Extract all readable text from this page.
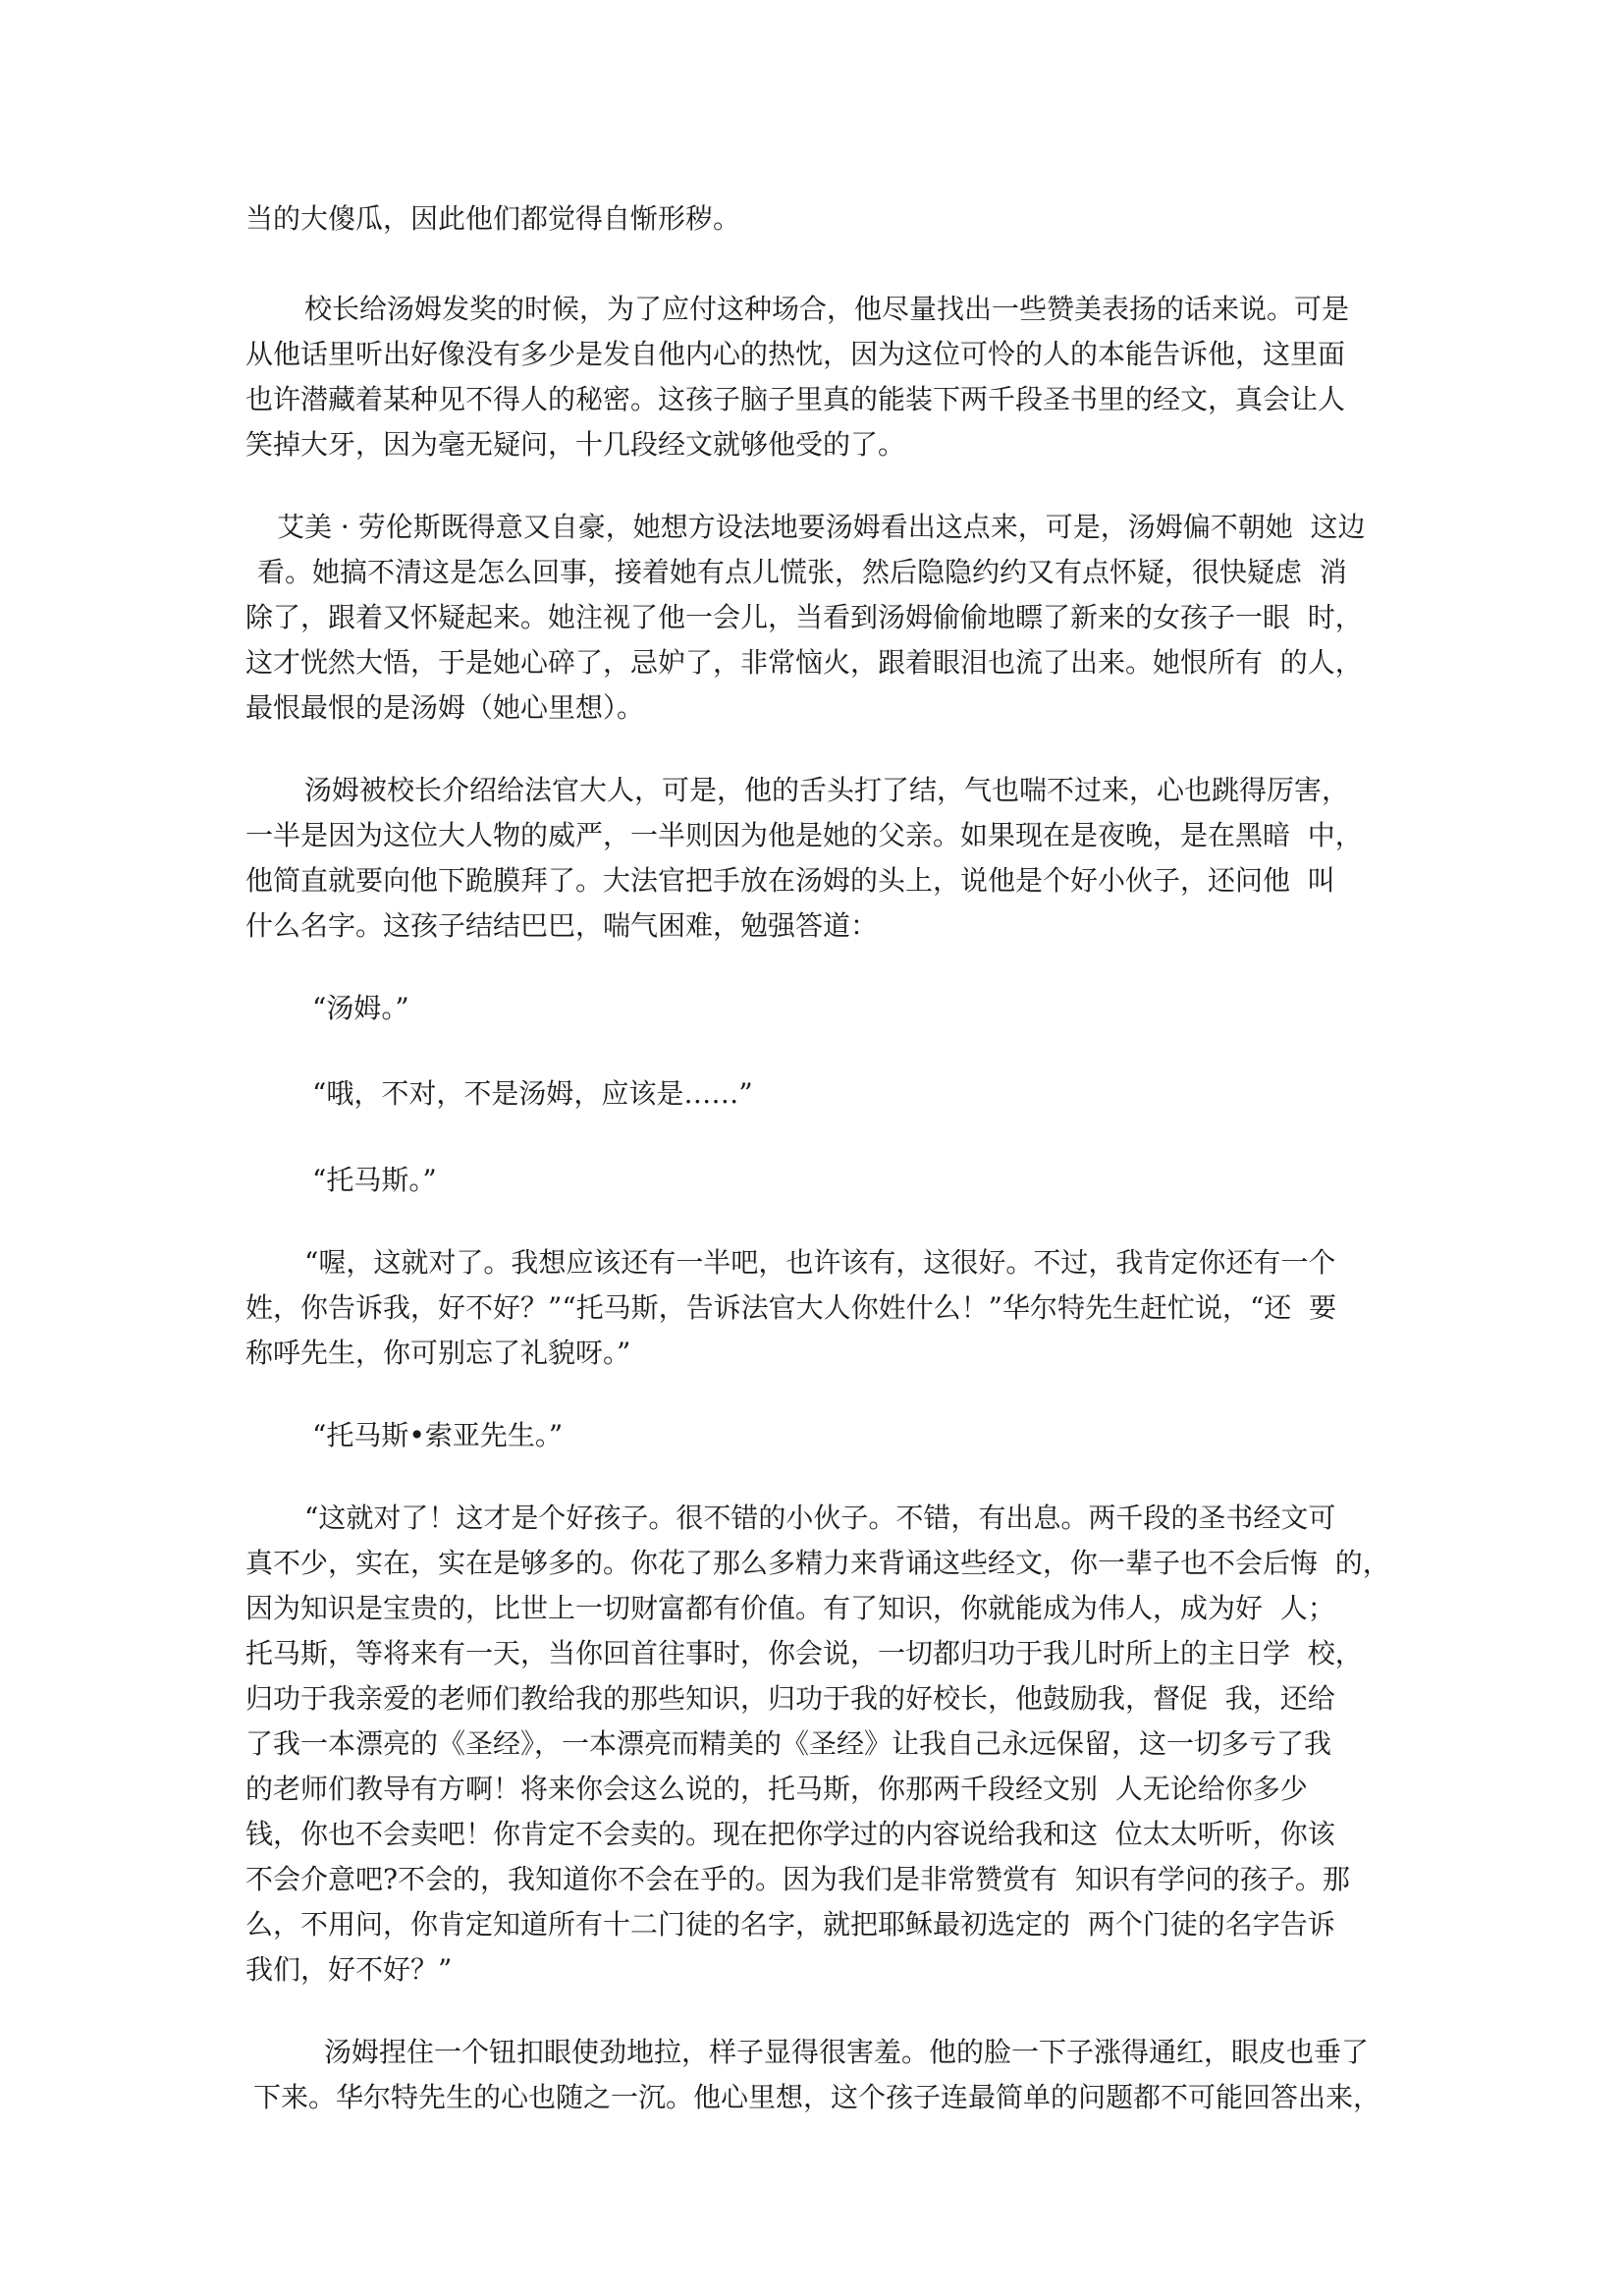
当的大傻瓜，因此他们都觉得自惭形秽。

校长给汤姆发奖的时候，为了应付这种场合，他尽量找出一些赞美表扬的话来说。可是

从他话里听出好像没有多少是发自他内心的热忱，因为这位可怜的人的本能告诉他，这里面

也许潜藏着某种见不得人的秘密。这孩子脑子里真的能装下两千段圣书里的经文，真会让人

笑掉大牙，因为毫无疑问，十几段经文就够他受的了。

艾美 · 劳伦斯既得意又自豪，她想方设法地要汤姆看出这点来，可是，汤姆偏不朝她  这边

看。她搞不清这是怎么回事，接着她有点儿慌张，然后隐隐约约又有点怀疑，很快疑虑  消

除了，跟着又怀疑起来。她注视了他一会儿，当看到汤姆偷偷地瞟了新来的女孩子一眼  时，

这才恍然大悟，于是她心碎了，忌妒了，非常恼火，跟着眼泪也流了出来。她恨所有  的人，

最恨最恨的是汤姆（她心里想）。

汤姆被校长介绍给法官大人，可是，他的舌头打了结，气也喘不过来，心也跳得厉害，

一半是因为这位大人物的威严，一半则因为他是她的父亲。如果现在是夜晚，是在黑暗  中，

他简直就要向他下跪膜拜了。大法官把手放在汤姆的头上，说他是个好小伙子，还问他  叫

什么名字。这孩子结结巴巴，喘气困难，勉强答道：

“汤姆。”

“哦，不对，不是汤姆，应该是……”

“托马斯。”

“喔，这就对了。我想应该还有一半吧，也许该有，这很好。不过，我肯定你还有一个

姓，你告诉我，好不好？”“托马斯，告诉法官大人你姓什么！”华尔特先生赶忙说，“还  要

称呼先生，你可别忘了礼貌呀。”

“托马斯•索亚先生。”

“这就对了！这才是个好孩子。很不错的小伙子。不错，有出息。两千段的圣书经文可

真不少，实在，实在是够多的。你花了那么多精力来背诵这些经文，你一辈子也不会后悔  的，

因为知识是宝贵的，比世上一切财富都有价值。有了知识，你就能成为伟人，成为好  人；

托马斯，等将来有一天，当你回首往事时，你会说，一切都归功于我儿时所上的主日学  校，

归功于我亲爱的老师们教给我的那些知识，归功于我的好校长，他鼓励我，督促  我，还给

了我一本漂亮的《圣经》，一本漂亮而精美的《圣经》让我自己永远保留，这一切多亏了我

的老师们教导有方啊！将来你会这么说的，托马斯，你那两千段经文别  人无论给你多少

钱，你也不会卖吧！你肯定不会卖的。现在把你学过的内容说给我和这  位太太听听，你该

不会介意吧?不会的，我知道你不会在乎的。因为我们是非常赞赏有  知识有学问的孩子。那

么，不用问，你肯定知道所有十二门徒的名字，就把耶稣最初选定的  两个门徒的名字告诉

我们，好不好？”

汤姆捏住一个钮扣眼使劲地拉，样子显得很害羞。他的脸一下子涨得通红，眼皮也垂了

下来。华尔特先生的心也随之一沉。他心里想，这个孩子连最简单的问题都不可能回答出来，
